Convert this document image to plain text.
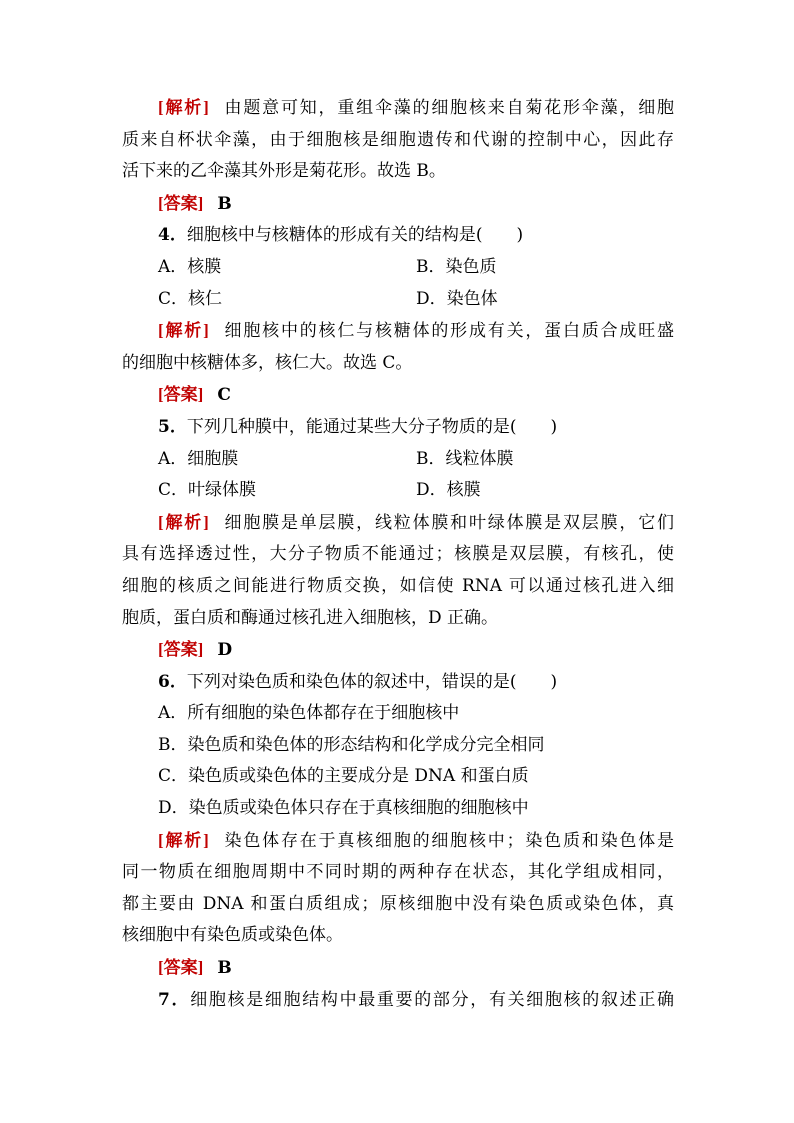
[解析] 由题意可知，重组伞藻的细胞核来自菊花形伞藻，细胞
质来自杯状伞藻，由于细胞核是细胞遗传和代谢的控制中心，因此存
活下来的乙伞藻其外形是菊花形。故选 B。
[答案] B
4．细胞核中与核糖体的形成有关的结构是(　　)
A．核膜	B．染色质
C．核仁	D．染色体
[解析] 细胞核中的核仁与核糖体的形成有关，蛋白质合成旺盛
的细胞中核糖体多，核仁大。故选 C。
[答案] C
5．下列几种膜中，能通过某些大分子物质的是(　　)
A．细胞膜	B．线粒体膜
C．叶绿体膜	D．核膜
[解析] 细胞膜是单层膜，线粒体膜和叶绿体膜是双层膜，它们
具有选择透过性，大分子物质不能通过；核膜是双层膜，有核孔，使
细胞的核质之间能进行物质交换，如信使 RNA 可以通过核孔进入细
胞质，蛋白质和酶通过核孔进入细胞核，D 正确。
[答案] D
6．下列对染色质和染色体的叙述中，错误的是(　　)
A．所有细胞的染色体都存在于细胞核中
B．染色质和染色体的形态结构和化学成分完全相同
C．染色质或染色体的主要成分是 DNA 和蛋白质
D．染色质或染色体只存在于真核细胞的细胞核中
[解析] 染色体存在于真核细胞的细胞核中；染色质和染色体是
同一物质在细胞周期中不同时期的两种存在状态，其化学组成相同，
都主要由 DNA 和蛋白质组成；原核细胞中没有染色质或染色体，真
核细胞中有染色质或染色体。
[答案] B
7．细胞核是细胞结构中最重要的部分，有关细胞核的叙述正确
